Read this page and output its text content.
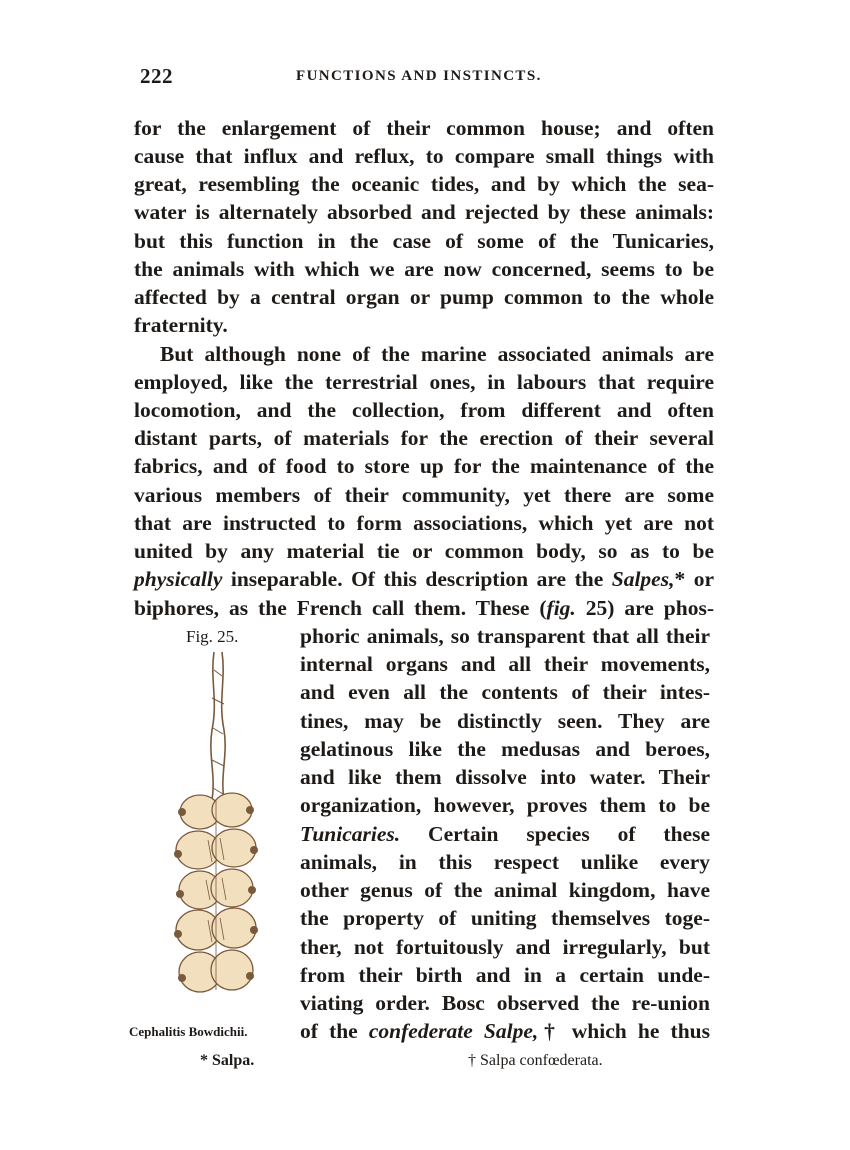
222	FUNCTIONS AND INSTINCTS.
for the enlargement of their common house; and often
cause that influx and reflux, to compare small things with
great, resembling the oceanic tides, and by which the sea-
water is alternately absorbed and rejected by these animals:
but this function in the case of some of the Tunicaries,
the animals with which we are now concerned, seems to be
affected by a central organ or pump common to the whole
fraternity.
But although none of the marine associated animals are
employed, like the terrestrial ones, in labours that require
locomotion, and the collection, from different and often
distant parts, of materials for the erection of their several
fabrics, and of food to store up for the maintenance of the
various members of their community, yet there are some
that are instructed to form associations, which yet are not
united by any material tie or common body, so as to be
physically inseparable. Of this description are the Salpes,* or
biphores, as the French call them. These (fig. 25) are phos-
phoric animals, so transparent that all their
internal organs and all their movements,
and even all the contents of their intes-
tines, may be distinctly seen. They are
gelatinous like the medusas and beroes,
and like them dissolve into water. Their
organization, however, proves them to be
Tunicaries. Certain species of these
animals, in this respect unlike every
other genus of the animal kingdom, have
the property of uniting themselves toge-
ther, not fortuitously and irregularly, but
from their birth and in a certain unde-
viating order. Bosc observed the re-union
of the confederate Salpe,† which he thus
Fig. 25.
Cephalitis Bowdichii.
* Salpa.	† Salpa confœderata.
